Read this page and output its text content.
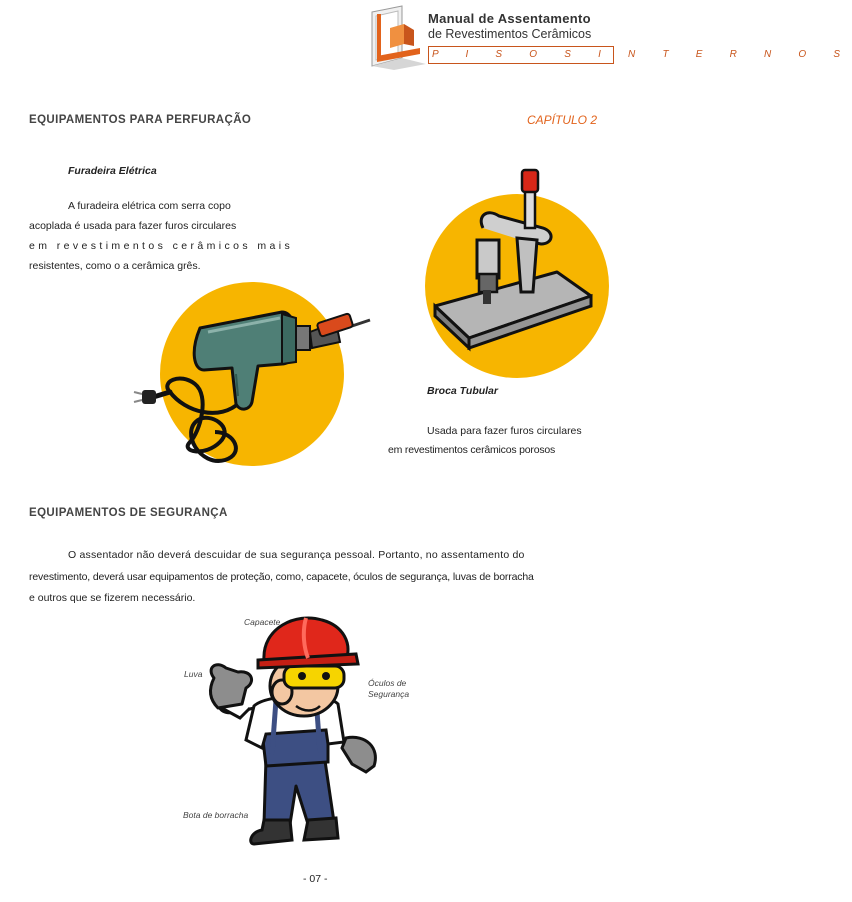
Manual de Assentamento
de Revestimentos Cerâmicos
P I S O S I N T E R N O S
EQUIPAMENTOS PARA PERFURAÇÃO	CAPÍTULO 2
Furadeira Elétrica
A furadeira elétrica com serra copo
acoplada é usada para fazer furos circulares
em revestimentos cerâmicos mais
resistentes, como o a cerâmica grês.
Broca Tubular
Usada para fazer furos circulares
em revestimentos cerâmicos porosos
EQUIPAMENTOS DE SEGURANÇA
O assentador não deverá descuidar de sua segurança pessoal. Portanto, no assentamento do
revestimento, deverá usar equipamentos de proteção, como, capacete, óculos de segurança, luvas de borracha
e outros que se fizerem necessário.
Capacete
Luva
Óculos de
Segurança
Bota de borracha
- 07 -
